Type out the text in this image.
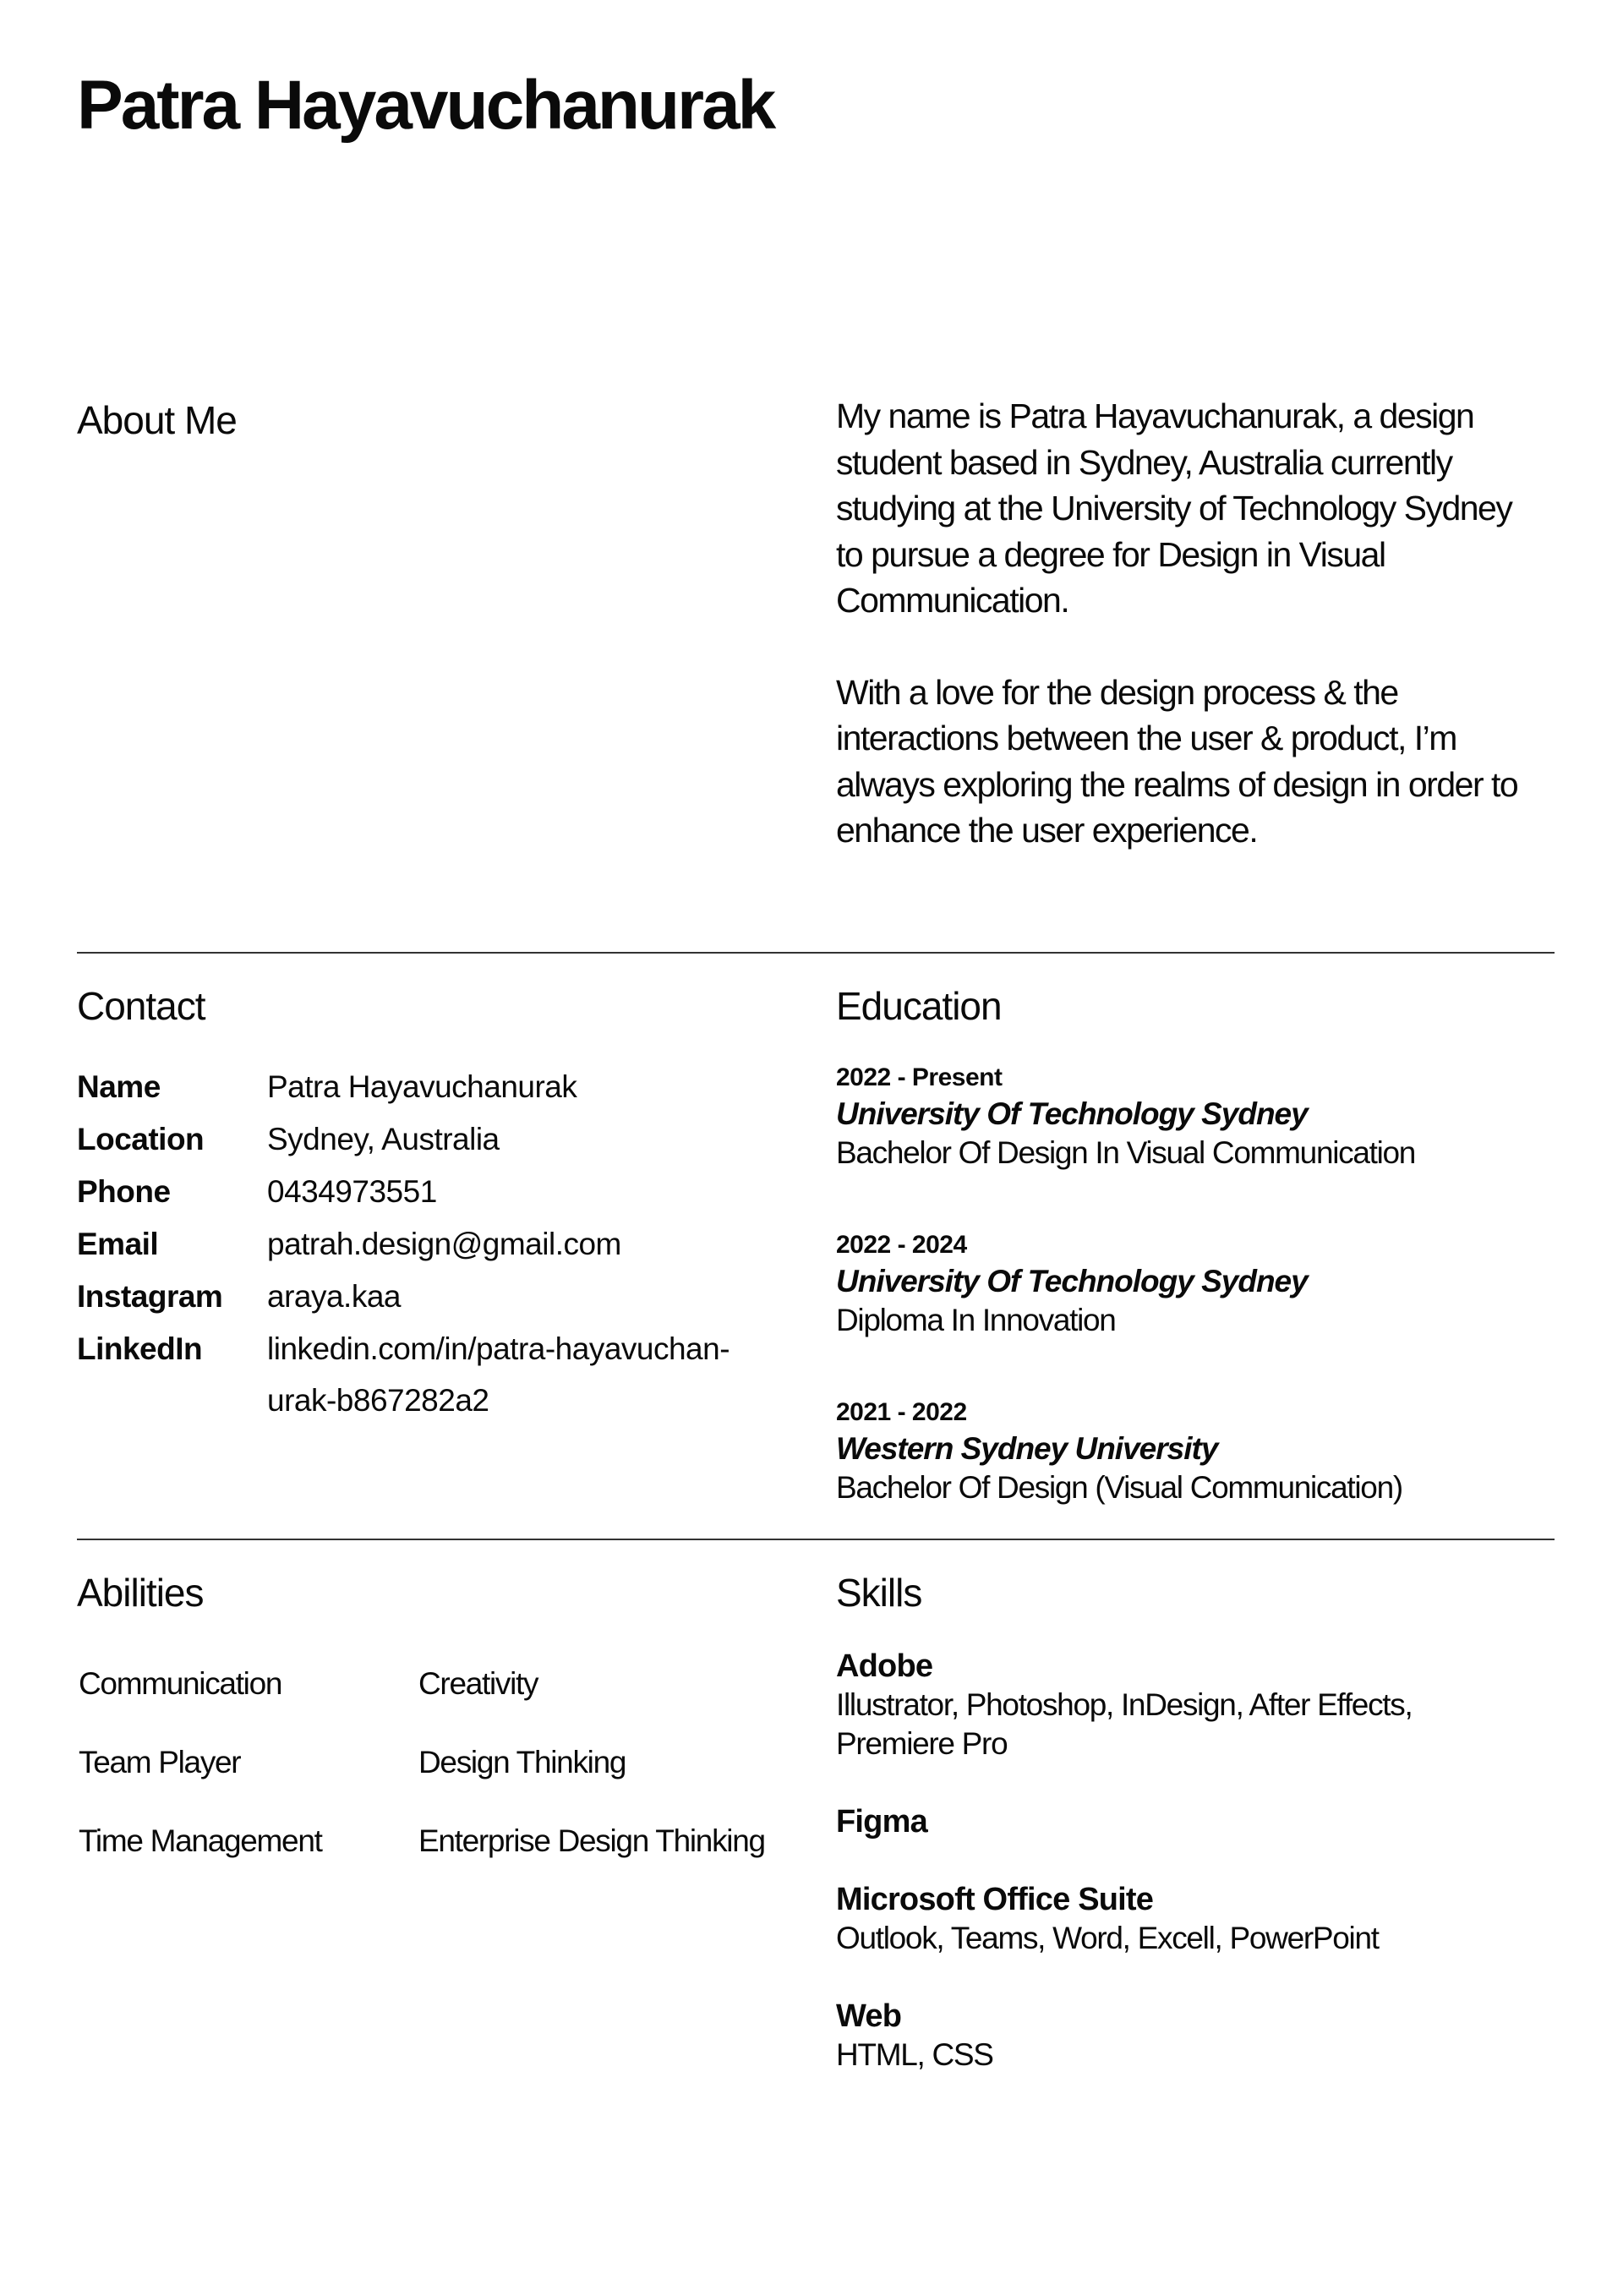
Patra Hayavuchanurak
About Me	My name is Patra Hayavuchanurak, a design student based in Sydney, Australia currently studying at the University of Technology Sydney to pursue a degree for Design in Visual Communication.

With a love for the design process & the interactions between the user & product, I’m always exploring the realms of design in order to enhance the user experience.

Contact
Name	Patra Hayavuchanurak
Location	Sydney, Australia
Phone	0434973551
Email	patrah.design@gmail.com
Instagram	araya.kaa
LinkedIn	linkedin.com/in/patra-hayavuchan-urak-b867282a2
Education
2022 - Present
University Of Technology Sydney
Bachelor Of Design In Visual Communication
2022 - 2024
University Of Technology Sydney
Diploma In Innovation
2021 - 2022
Western Sydney University
Bachelor Of Design (Visual Communication)
Abilities
Communication	Creativity
Team Player	Design Thinking
Time Management	Enterprise Design Thinking
Skills
Adobe
Illustrator, Photoshop, InDesign, After Effects, Premiere Pro
Figma
Microsoft Office Suite
Outlook, Teams, Word, Excell, PowerPoint
Web
HTML, CSS
